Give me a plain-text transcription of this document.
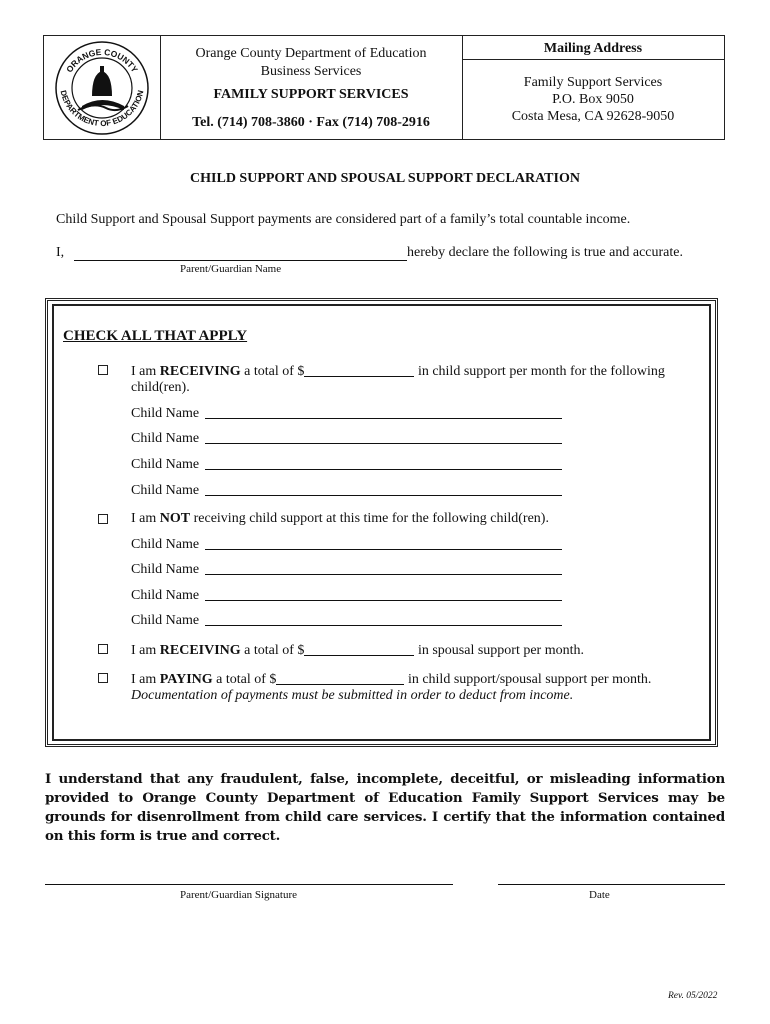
ORANGE COUNTY
DEPARTMENT OF EDUCATION
Orange County Department of Education
Business Services
FAMILY SUPPORT SERVICES
Tel. (714) 708-3860 · Fax (714) 708-2916
Mailing Address
Family Support Services
P.O. Box 9050
Costa Mesa, CA 92628-9050
CHILD SUPPORT AND SPOUSAL SUPPORT DECLARATION
Child Support and Spousal Support payments are considered part of a family’s total countable income.
I,	hereby declare the following is true and accurate.
Parent/Guardian Name
CHECK ALL THAT APPLY
I am RECEIVING a total of $	in child support per month for the following
child(ren).
Child Name
Child Name
Child Name
Child Name
I am NOT receiving child support at this time for the following child(ren).
Child Name
Child Name
Child Name
Child Name
I am RECEIVING a total of $	in spousal support per month.
I am PAYING a total of $	in child support/spousal support per month.
Documentation of payments must be submitted in order to deduct from income.
I understand that any fraudulent, false, incomplete, deceitful, or misleading information provided to Orange County Department of Education Family Support Services may be grounds for disenrollment from child care services. I certify that the information contained on this form is true and correct.
Parent/Guardian Signature	Date
Rev. 05/2022
